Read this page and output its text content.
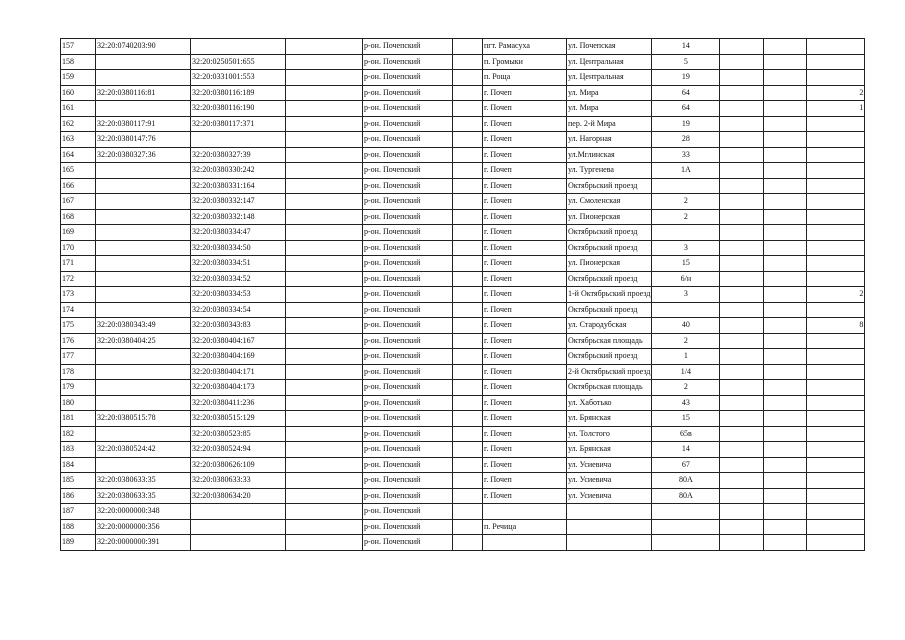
157	32:20:0740203:90			р-он. Почепский		пгт. Рамасуха	ул. Почепская	14			
158		32:20:0250501:655		р-он. Почепский		п. Громыки	ул. Центральная	5			
159		32:20:0331001:553		р-он. Почепский		п. Роща	ул. Центральная	19			
160	32:20:0380116:81	32:20:0380116:189		р-он. Почепский		г. Почеп	ул. Мира	64			2
161		32:20:0380116:190		р-он. Почепский		г. Почеп	ул. Мира	64			1
162	32:20:0380117:91	32:20:0380117:371		р-он. Почепский		г. Почеп	пер. 2-й Мира	19			
163	32:20:0380147:76			р-он. Почепский		г. Почеп	ул. Нагорная	28			
164	32:20:0380327:36	32:20:0380327:39		р-он. Почепский		г. Почеп	ул.Мглинская	33			
165		32:20:0380330:242		р-он. Почепский		г. Почеп	ул. Тургенева	1А			
166		32:20:0380331:164		р-он. Почепский		г. Почеп	Октябрьский проезд				
167		32:20:0380332:147		р-он. Почепский		г. Почеп	ул. Смоленская	2			
168		32:20:0380332:148		р-он. Почепский		г. Почеп	ул. Пионерская	2			
169		32:20:0380334:47		р-он. Почепский		г. Почеп	Октябрьский проезд				
170		32:20:0380334:50		р-он. Почепский		г. Почеп	Октябрьский проезд	3			
171		32:20:0380334:51		р-он. Почепский		г. Почеп	ул. Пионерская	15			
172		32:20:0380334:52		р-он. Почепский		г. Почеп	Октябрьский проезд	6/н			
173		32:20:0380334:53		р-он. Почепский		г. Почеп	1-й Октябрьский проезд	3			2
174		32:20:0380334:54		р-он. Почепский		г. Почеп	Октябрьский проезд				
175	32:20:0380343:49	32:20:0380343:83		р-он. Почепский		г. Почеп	ул. Стародубская	40			8
176	32:20:0380404:25	32:20:0380404:167		р-он. Почепский		г. Почеп	Октябрьская площадь	2			
177		32:20:0380404:169		р-он. Почепский		г. Почеп	Октябрьский проезд	1			
178		32:20:0380404:171		р-он. Почепский		г. Почеп	2-й Октябрьский проезд	1/4			
179		32:20:0380404:173		р-он. Почепский		г. Почеп	Октябрьская площадь	2			
180		32:20:0380411:236		р-он. Почепский		г. Почеп	ул. Хаботько	43			
181	32:20:0380515:78	32:20:0380515:129		р-он. Почепский		г. Почеп	ул. Брянская	15			
182		32:20:0380523:85		р-он. Почепский		г. Почеп	ул. Толстого	65в			
183	32:20:0380524:42	32:20:0380524:94		р-он. Почепский		г. Почеп	ул. Брянская	14			
184		32:20:0380626:109		р-он. Почепский		г. Почеп	ул. Усиевича	67			
185	32:20:0380633:35	32:20:0380633:33		р-он. Почепский		г. Почеп	ул. Усиевича	80А			
186	32:20:0380633:35	32:20:0380634:20		р-он. Почепский		г. Почеп	ул. Усиевича	80А			
187	32:20:0000000:348			р-он. Почепский							
188	32:20:0000000:356			р-он. Почепский		п. Речица					
189	32:20:0000000:391			р-он. Почепский							
